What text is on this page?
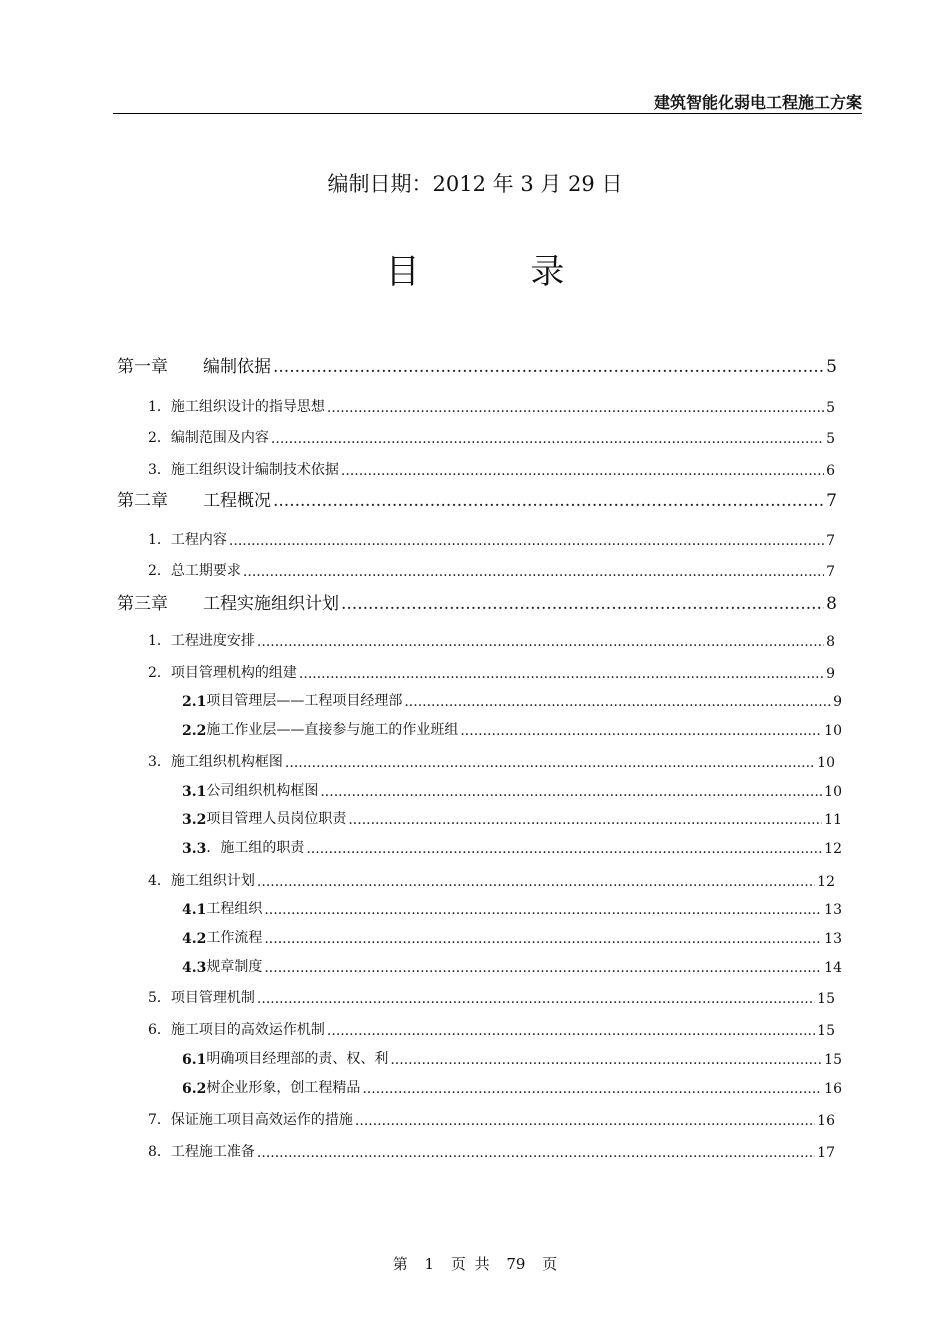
建筑智能化弱电工程施工方案
编制日期：2012 年 3 月 29 日
目 录
第一章	编制依据 .....	5
1． 施工组织设计的指导思想 .....	5
2． 编制范围及内容 .....	5
3． 施工组织设计编制技术依据 .....	6
第二章	工程概况 .....	7
1． 工程内容 .....	7
2． 总工期要求 .....	7
第三章	工程实施组织计划 .....	8
1． 工程进度安排 .....	8
2． 项目管理机构的组建 .....	9
2.1 项目管理层——工程项目经理部 .....	9
2.2 施工作业层——直接参与施工的作业班组 .....	10
3． 施工组织机构框图 .....	10
3.1 公司组织机构框图 .....	10
3.2 项目管理人员岗位职责 .....	11
3.3 ．施工组的职责 .....	12
4． 施工组织计划 .....	12
4.1 工程组织 .....	13
4.2 工作流程 .....	13
4.3 规章制度 .....	14
5． 项目管理机制 .....	15
6． 施工项目的高效运作机制 .....	15
6.1 明确项目经理部的责、权、利 .....	15
6.2 树企业形象，创工程精品 .....	16
7． 保证施工项目高效运作的措施 .....	16
8． 工程施工准备 .....	17
第 1 页 共 79 页
